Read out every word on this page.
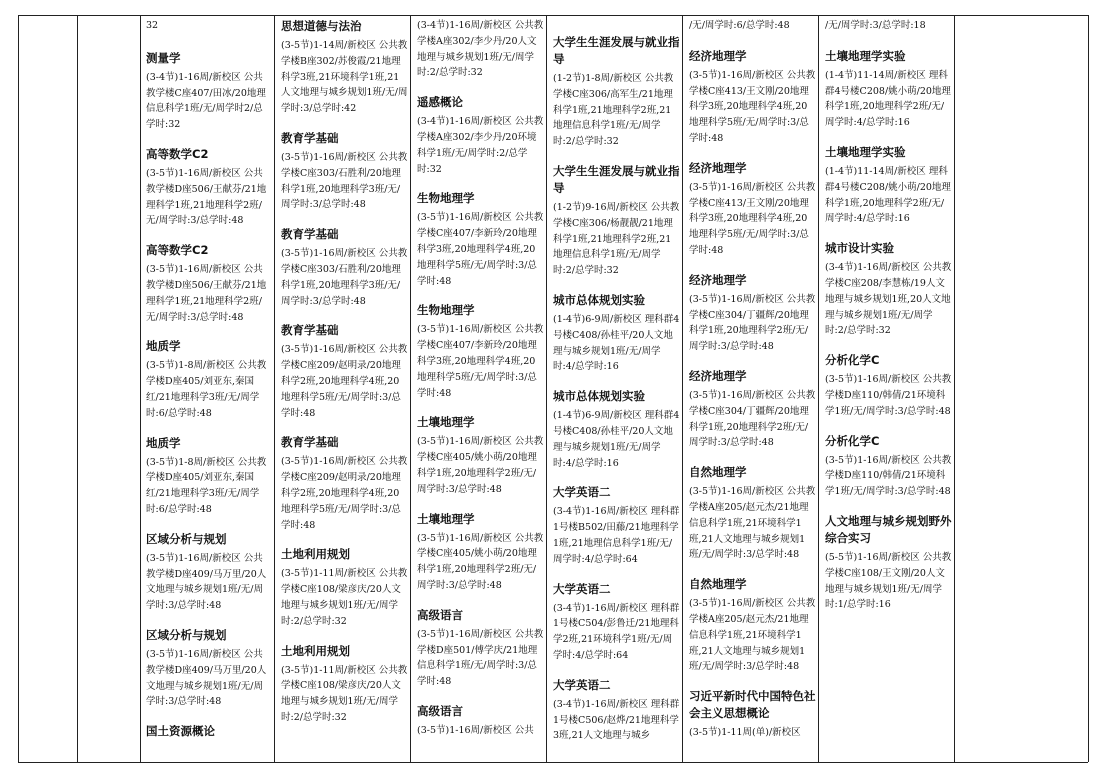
32
测量学
(3-4节)1-16周/新校区 公共教学楼C座407/田冰/20地理信息科学1班/无/周学时2/总学时:32
高等数学C2
(3-5节)1-16周/新校区 公共教学楼D座506/王献芬/21地理科学1班,21地理科学2班/无/周学时:3/总学时:48
高等数学C2
(3-5节)1-16周/新校区 公共教学楼D座506/王献芬/21地理科学1班,21地理科学2班/无/周学时:3/总学时:48
地质学
(3-5节)1-8周/新校区 公共教学楼D座405/刘亚东,秦国红/21地理科学3班/无/周学时:6/总学时:48
地质学
(3-5节)1-8周/新校区 公共教学楼D座405/刘亚东,秦国红/21地理科学3班/无/周学时:6/总学时:48
区域分析与规划
(3-5节)1-16周/新校区 公共教学楼D座409/马万里/20人文地理与城乡规划1班/无/周学时:3/总学时:48
区域分析与规划
(3-5节)1-16周/新校区 公共教学楼D座409/马万里/20人文地理与城乡规划1班/无/周学时:3/总学时:48
国土资源概论
思想道德与法治
(3-5节)1-14周/新校区 公共教学楼B座302/苏俊霞/21地理科学3班,21环境科学1班,21人文地理与城乡规划1班/无/周学时:3/总学时:42
教育学基础
(3-5节)1-16周/新校区 公共教学楼C座303/石胜利/20地理科学1班,20地理科学3班/无/周学时:3/总学时:48
教育学基础
(3-5节)1-16周/新校区 公共教学楼C座303/石胜利/20地理科学1班,20地理科学3班/无/周学时:3/总学时:48
教育学基础
(3-5节)1-16周/新校区 公共教学楼C座209/赵明录/20地理科学2班,20地理科学4班,20地理科学5班/无/周学时:3/总学时:48
教育学基础
(3-5节)1-16周/新校区 公共教学楼C座209/赵明录/20地理科学2班,20地理科学4班,20地理科学5班/无/周学时:3/总学时:48
土地利用规划
(3-5节)1-11周/新校区 公共教学楼C座108/梁彦庆/20人文地理与城乡规划1班/无/周学时:2/总学时:32
土地利用规划
(3-5节)1-11周/新校区 公共教学楼C座108/梁彦庆/20人文地理与城乡规划1班/无/周学时:2/总学时:32
(3-4节)1-16周/新校区 公共教学楼A座302/李少丹/20人文地理与城乡规划1班/无/周学时:2/总学时:32
遥感概论
(3-4节)1-16周/新校区 公共教学楼A座302/李少丹/20环境科学1班/无/周学时:2/总学时:32
生物地理学
(3-5节)1-16周/新校区 公共教学楼C座407/李新玲/20地理科学3班,20地理科学4班,20地理科学5班/无/周学时:3/总学时:48
生物地理学
(3-5节)1-16周/新校区 公共教学楼C座407/李新玲/20地理科学3班,20地理科学4班,20地理科学5班/无/周学时:3/总学时:48
土壤地理学
(3-5节)1-16周/新校区 公共教学楼C座405/姚小萌/20地理科学1班,20地理科学2班/无/周学时:3/总学时:48
土壤地理学
(3-5节)1-16周/新校区 公共教学楼C座405/姚小萌/20地理科学1班,20地理科学2班/无/周学时:3/总学时:48
高级语言
(3-5节)1-16周/新校区 公共教学楼D座501/傅学庆/21地理信息科学1班/无/周学时:3/总学时:48
高级语言
(3-5节)1-16周/新校区 公共
大学生生涯发展与就业指导
(1-2节)1-8周/新校区 公共教学楼C座306/高军生/21地理科学1班,21地理科学2班,21地理信息科学1班/无/周学时:2/总学时:32
大学生生涯发展与就业指导
(1-2节)9-16周/新校区 公共教学楼C座306/杨靓靓/21地理科学1班,21地理科学2班,21地理信息科学1班/无/周学时:2/总学时:32
城市总体规划实验
(1-4节)6-9周/新校区 理科群4号楼C408/孙桂平/20人文地理与城乡规划1班/无/周学时:4/总学时:16
城市总体规划实验
(1-4节)6-9周/新校区 理科群4号楼C408/孙桂平/20人文地理与城乡规划1班/无/周学时:4/总学时:16
大学英语二
(3-4节)1-16周/新校区 理科群1号楼B502/田藤/21地理科学1班,21地理信息科学1班/无/周学时:4/总学时:64
大学英语二
(3-4节)1-16周/新校区 理科群1号楼C504/彭鲁迁/21地理科学2班,21环境科学1班/无/周学时:4/总学时:64
大学英语二
(3-4节)1-16周/新校区 理科群1号楼C506/赵烨/21地理科学3班,21人文地理与城乡
/无/周学时:6/总学时:48
经济地理学
(3-5节)1-16周/新校区 公共教学楼C座413/王文刚/20地理科学3班,20地理科学4班,20地理科学5班/无/周学时:3/总学时:48
经济地理学
(3-5节)1-16周/新校区 公共教学楼C座413/王文刚/20地理科学3班,20地理科学4班,20地理科学5班/无/周学时:3/总学时:48
经济地理学
(3-5节)1-16周/新校区 公共教学楼C座304/丁疆辉/20地理科学1班,20地理科学2班/无/周学时:3/总学时:48
经济地理学
(3-5节)1-16周/新校区 公共教学楼C座304/丁疆辉/20地理科学1班,20地理科学2班/无/周学时:3/总学时:48
自然地理学
(3-5节)1-16周/新校区 公共教学楼A座205/赵元杰/21地理信息科学1班,21环境科学1班,21人文地理与城乡规划1班/无/周学时:3/总学时:48
自然地理学
(3-5节)1-16周/新校区 公共教学楼A座205/赵元杰/21地理信息科学1班,21环境科学1班,21人文地理与城乡规划1班/无/周学时:3/总学时:48
习近平新时代中国特色社会主义思想概论
(3-5节)1-11周(单)/新校区
/无/周学时:3/总学时:18
土壤地理学实验
(1-4节)11-14周/新校区 理科群4号楼C208/姚小萌/20地理科学1班,20地理科学2班/无/周学时:4/总学时:16
土壤地理学实验
(1-4节)11-14周/新校区 理科群4号楼C208/姚小萌/20地理科学1班,20地理科学2班/无/周学时:4/总学时:16
城市设计实验
(3-4节)1-16周/新校区 公共教学楼C座208/李慧栋/19人文地理与城乡规划1班,20人文地理与城乡规划1班/无/周学时:2/总学时:32
分析化学C
(3-5节)1-16周/新校区 公共教学楼D座110/韩倩/21环境科学1班/无/周学时:3/总学时:48
分析化学C
(3-5节)1-16周/新校区 公共教学楼D座110/韩倩/21环境科学1班/无/周学时:3/总学时:48
人文地理与城乡规划野外综合实习
(5-5节)1-16周/新校区 公共教学楼C座108/王文刚/20人文地理与城乡规划1班/无/周学时:1/总学时:16
